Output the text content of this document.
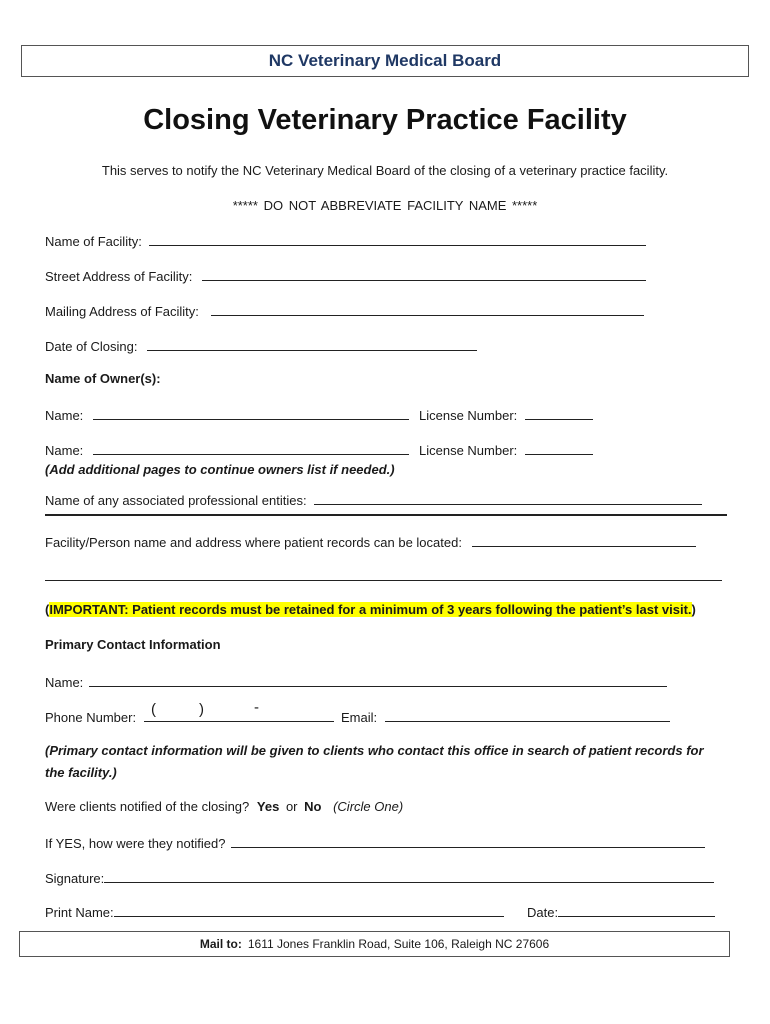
NC Veterinary Medical Board
Closing Veterinary Practice Facility
This serves to notify the NC Veterinary Medical Board of the closing of a veterinary practice facility.
***** DO NOT ABBREVIATE FACILITY NAME *****
Name of Facility:
Street Address of Facility:
Mailing Address of Facility:
Date of Closing:
Name of Owner(s):
Name:	License Number:
Name:	License Number:
(Add additional pages to continue owners list if needed.)
Name of any associated professional entities:
Facility/Person name and address where patient records can be located:
(IMPORTANT: Patient records must be retained for a minimum of 3 years following the patient’s last visit.)
Primary Contact Information
Name:
Phone Number: (	)	-
Email:
(Primary contact information will be given to clients who contact this office in search of patient records for
the facility.)
Were clients notified of the closing? Yes or No (Circle One)
If YES, how were they notified?
Signature:
Print Name:	Date:
Mail to: 1611 Jones Franklin Road, Suite 106, Raleigh NC 27606
